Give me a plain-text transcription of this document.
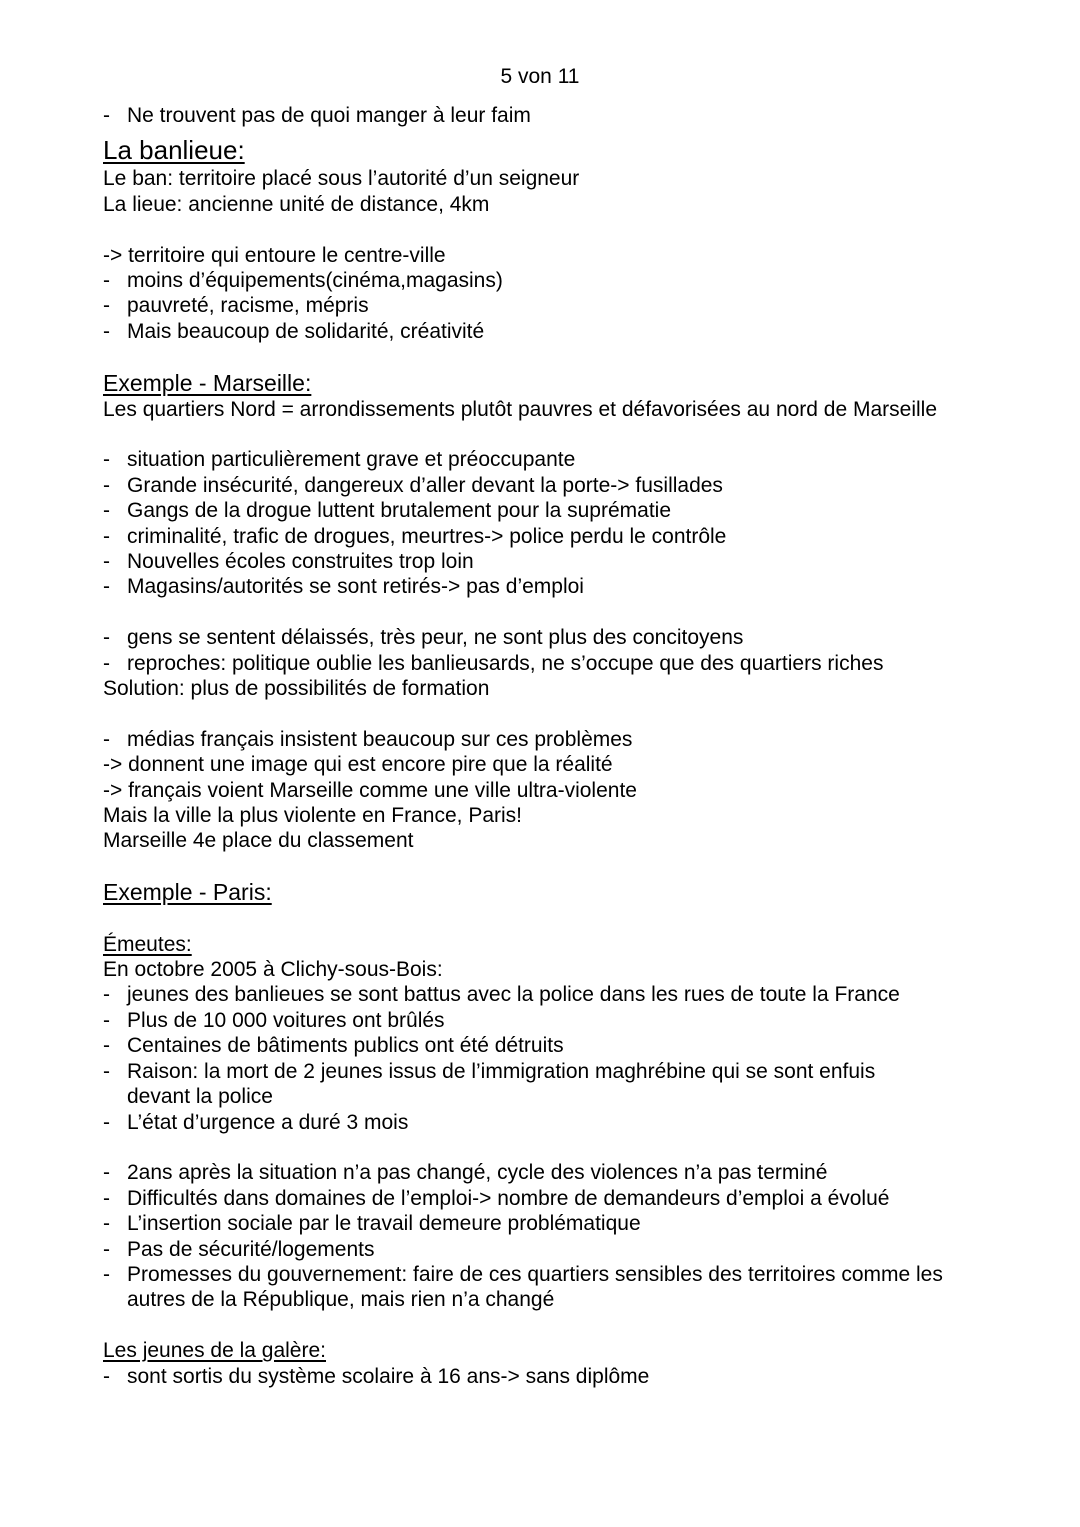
5 von 11
- Ne trouvent pas de quoi manger à leur faim
La banlieue:
Le ban: territoire placé sous l’autorité d’un seigneur
La lieue: ancienne unité de distance, 4km
-> territoire qui entoure le centre-ville
- moins d’équipements(cinéma,magasins)
- pauvreté, racisme, mépris
- Mais beaucoup de solidarité, créativité
Exemple - Marseille:
Les quartiers Nord = arrondissements plutôt pauvres et défavorisées au nord de Marseille
- situation particulièrement grave et préoccupante
- Grande insécurité, dangereux d’aller devant la porte-> fusillades
- Gangs de la drogue luttent brutalement pour la suprématie
- criminalité, trafic de drogues, meurtres-> police perdu le contrôle
- Nouvelles écoles construites trop loin
- Magasins/autorités se sont retirés-> pas d’emploi
- gens se sentent délaissés, très peur, ne sont plus des concitoyens
- reproches: politique oublie les banlieusards, ne s’occupe que des quartiers riches
Solution: plus de possibilités de formation
- médias français insistent beaucoup sur ces problèmes
-> donnent une image qui est encore pire que la réalité
-> français voient Marseille comme une ville ultra-violente
Mais la ville la plus violente en France, Paris!
Marseille 4e place du classement
Exemple - Paris:
Émeutes:
En octobre 2005 à Clichy-sous-Bois:
- jeunes des banlieues se sont battus avec la police dans les rues de toute la France
- Plus de 10 000 voitures ont brûlés
- Centaines de bâtiments publics ont été détruits
- Raison: la mort de 2 jeunes issus de l’immigration maghrébine qui se sont enfuis devant la police
- L’état d’urgence a duré 3 mois
- 2ans après la situation n’a pas changé, cycle des violences n’a pas terminé
- Difficultés dans domaines de l’emploi-> nombre de demandeurs d’emploi a évolué
- L’insertion sociale par le travail demeure problématique
- Pas de sécurité/logements
- Promesses du gouvernement: faire de ces quartiers sensibles des territoires comme les autres de la République, mais rien n’a changé
Les jeunes de la galère:
- sont sortis du système scolaire à 16 ans-> sans diplôme
